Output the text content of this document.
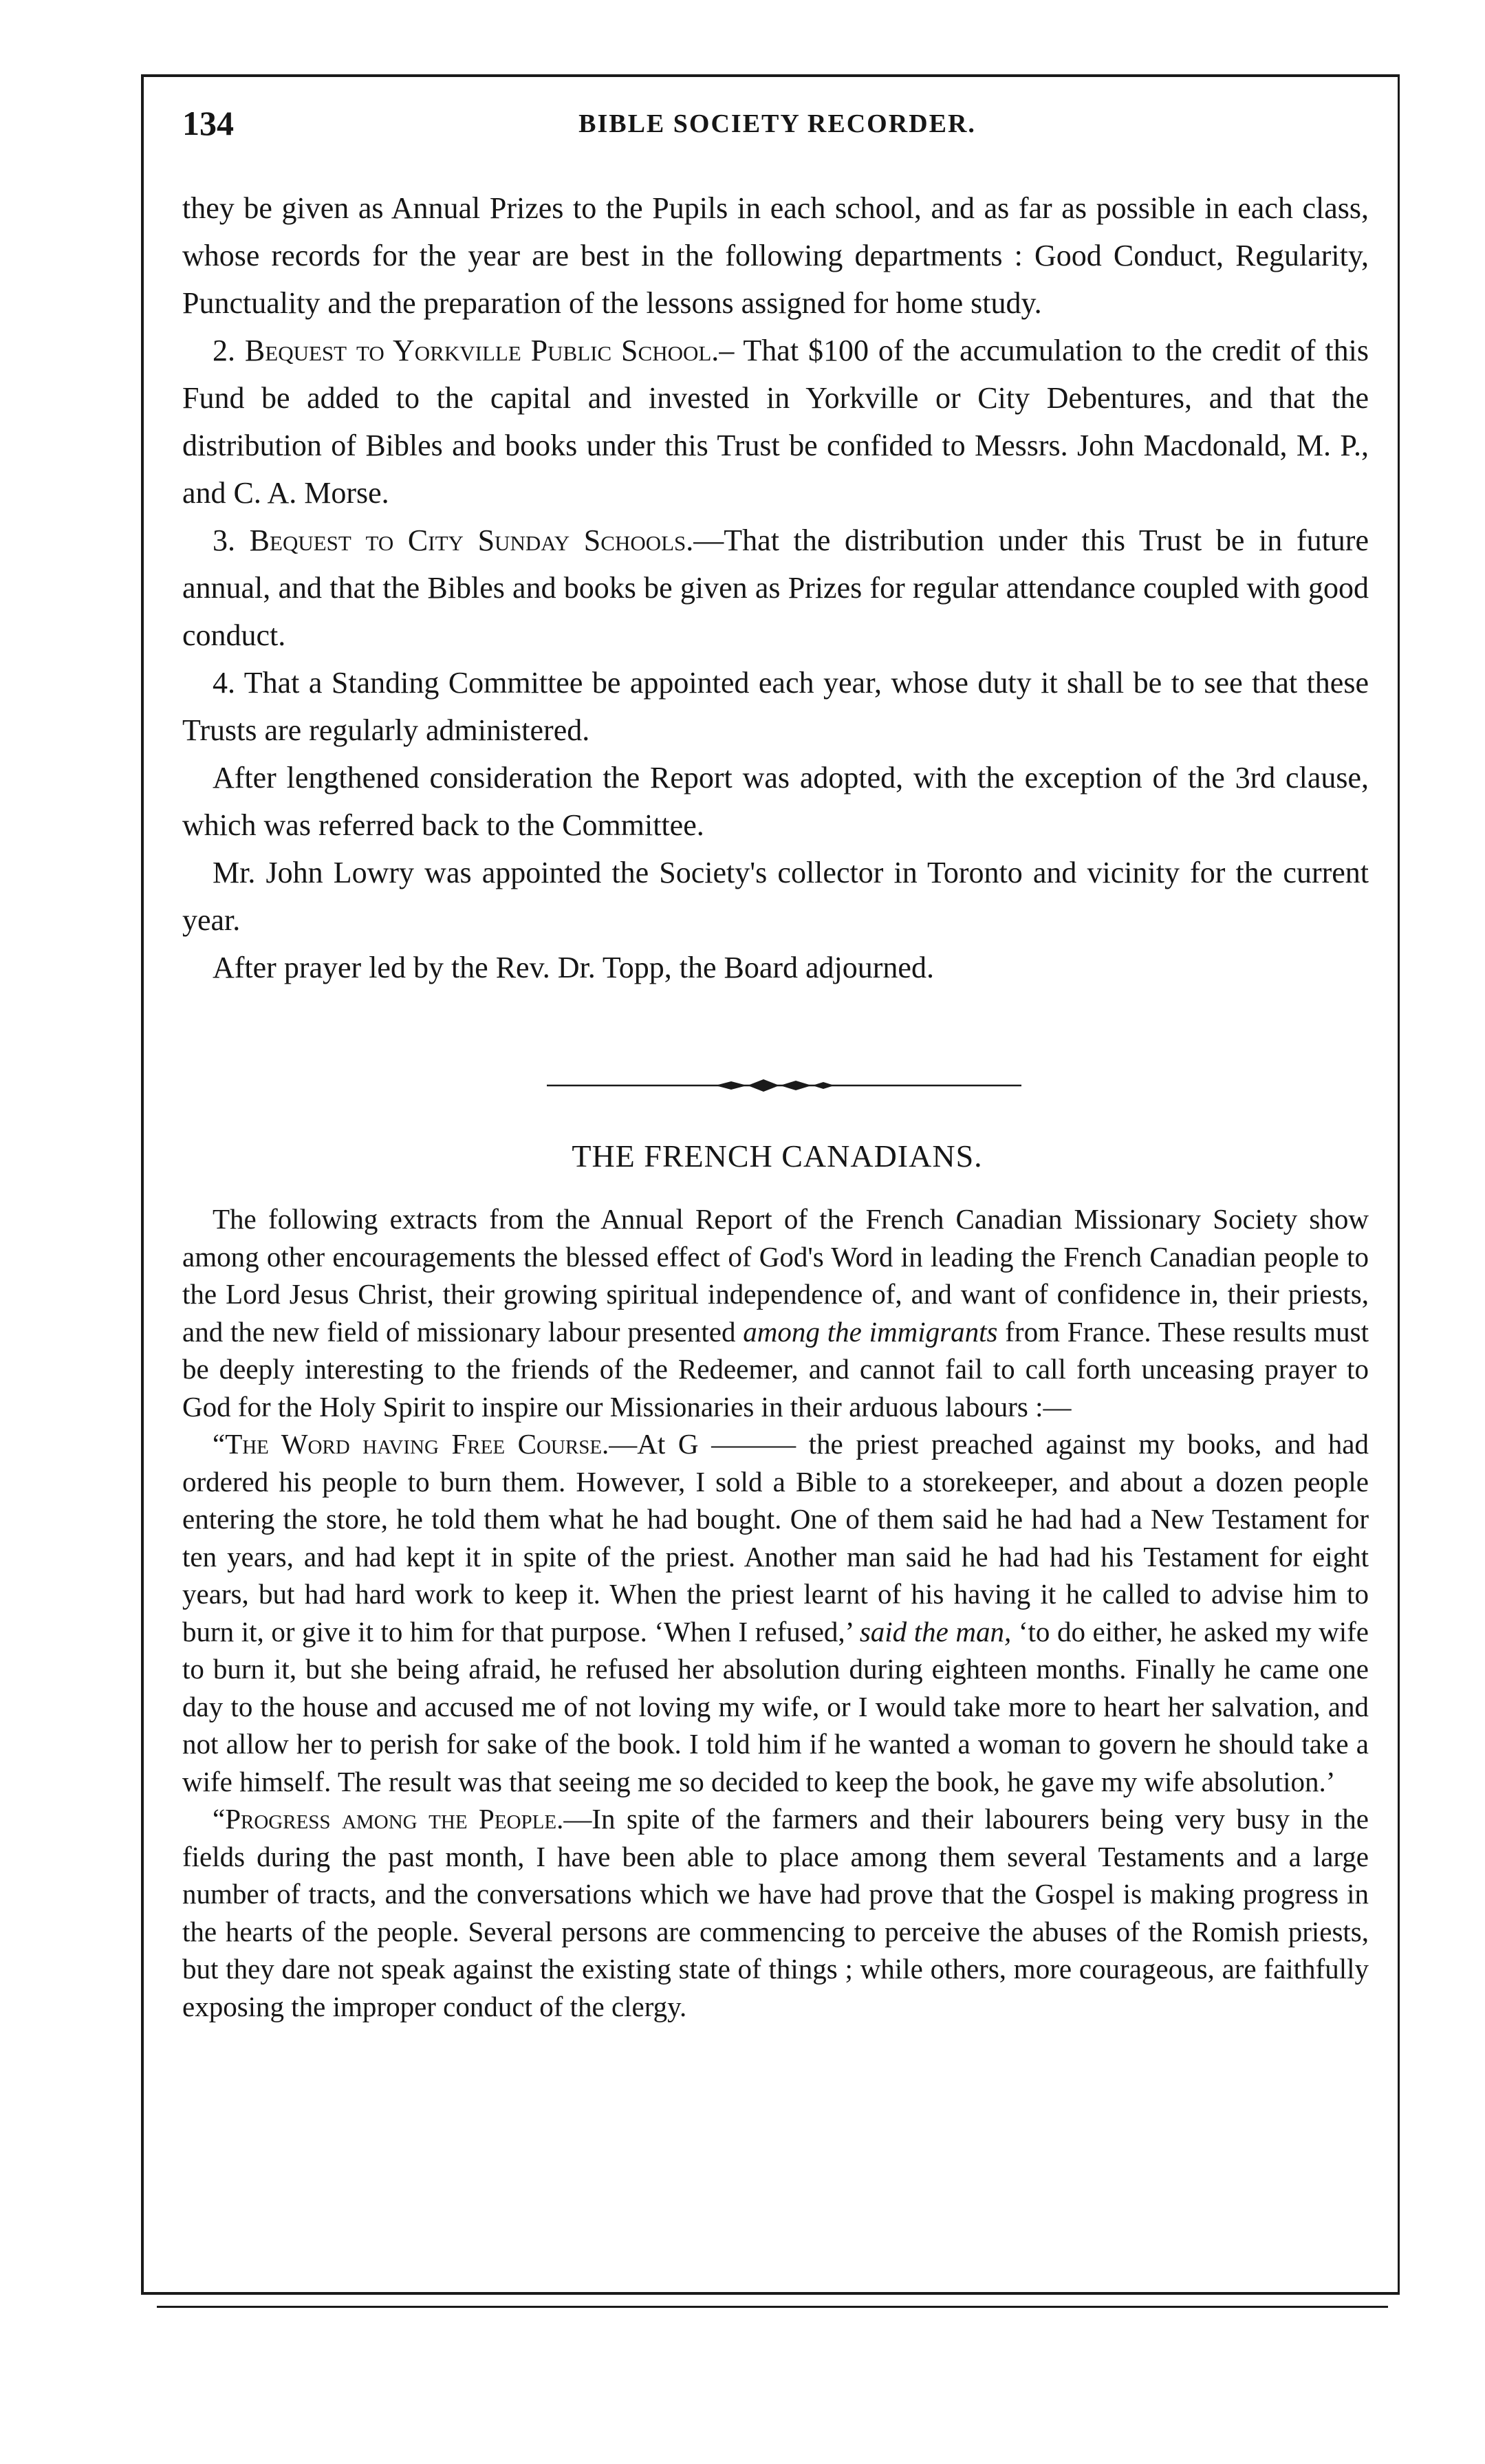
134	BIBLE SOCIETY RECORDER.

they be given as Annual Prizes to the Pupils in each school, and as far as possible in each class, whose records for the year are best in the following departments : Good Conduct, Regularity, Punctuality and the preparation of the lessons assigned for home study.

2. Bequest to Yorkville Public School.– That $100 of the accumulation to the credit of this Fund be added to the capital and invested in Yorkville or City Debentures, and that the distribution of Bibles and books under this Trust be confided to Messrs. John Macdonald, M. P., and C. A. Morse.

3. Bequest to City Sunday Schools.—That the distribution under this Trust be in future annual, and that the Bibles and books be given as Prizes for regular attendance coupled with good conduct.

4. That a Standing Committee be appointed each year, whose duty it shall be to see that these Trusts are regularly administered.

After lengthened consideration the Report was adopted, with the exception of the 3rd clause, which was referred back to the Committee.

Mr. John Lowry was appointed the Society's collector in Toronto and vicinity for the current year.

After prayer led by the Rev. Dr. Topp, the Board adjourned.

THE FRENCH CANADIANS.

The following extracts from the Annual Report of the French Canadian Missionary Society show among other encouragements the blessed effect of God's Word in leading the French Canadian people to the Lord Jesus Christ, their growing spiritual independence of, and want of confidence in, their priests, and the new field of missionary labour presented among the immigrants from France. These results must be deeply interesting to the friends of the Redeemer, and cannot fail to call forth unceasing prayer to God for the Holy Spirit to inspire our Missionaries in their arduous labours :—

“The Word having Free Course.—At G ——— the priest preached against my books, and had ordered his people to burn them. However, I sold a Bible to a storekeeper, and about a dozen people entering the store, he told them what he had bought. One of them said he had had a New Testament for ten years, and had kept it in spite of the priest. Another man said he had had his Testament for eight years, but had hard work to keep it. When the priest learnt of his having it he called to advise him to burn it, or give it to him for that purpose. ‘When I refused,’ said the man, ‘to do either, he asked my wife to burn it, but she being afraid, he refused her absolution during eighteen months. Finally he came one day to the house and accused me of not loving my wife, or I would take more to heart her salvation, and not allow her to perish for sake of the book. I told him if he wanted a woman to govern he should take a wife himself. The result was that seeing me so decided to keep the book, he gave my wife absolution.’

“Progress among the People.—In spite of the farmers and their labourers being very busy in the fields during the past month, I have been able to place among them several Testaments and a large number of tracts, and the conversations which we have had prove that the Gospel is making progress in the hearts of the people. Several persons are commencing to perceive the abuses of the Romish priests, but they dare not speak against the existing state of things ; while others, more courageous, are faithfully exposing the improper conduct of the clergy.
